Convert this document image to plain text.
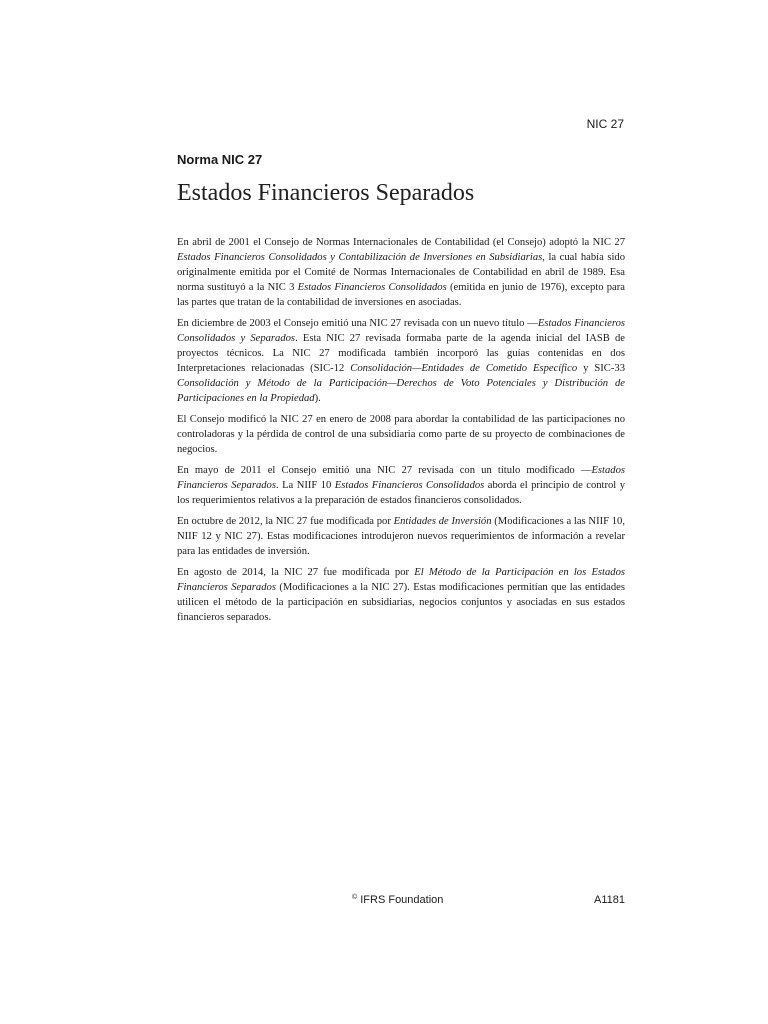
NIC 27
Norma NIC 27
Estados Financieros Separados

En abril de 2001 el Consejo de Normas Internacionales de Contabilidad (el Consejo) adoptó la NIC 27 Estados Financieros Consolidados y Contabilización de Inversiones en Subsidiarias, la cual había sido originalmente emitida por el Comité de Normas Internacionales de Contabilidad en abril de 1989. Esa norma sustituyó a la NIC 3 Estados Financieros Consolidados (emitida en junio de 1976), excepto para las partes que tratan de la contabilidad de inversiones en asociadas.

En diciembre de 2003 el Consejo emitió una NIC 27 revisada con un nuevo título —Estados Financieros Consolidados y Separados. Esta NIC 27 revisada formaba parte de la agenda inicial del IASB de proyectos técnicos. La NIC 27 modificada también incorporó las guías contenidas en dos Interpretaciones relacionadas (SIC-12 Consolidación—Entidades de Cometido Específico y SIC-33 Consolidación y Método de la Participación—Derechos de Voto Potenciales y Distribución de Participaciones en la Propiedad).

El Consejo modificó la NIC 27 en enero de 2008 para abordar la contabilidad de las participaciones no controladoras y la pérdida de control de una subsidiaria como parte de su proyecto de combinaciones de negocios.

En mayo de 2011 el Consejo emitió una NIC 27 revisada con un título modificado —Estados Financieros Separados. La NIIF 10 Estados Financieros Consolidados aborda el principio de control y los requerimientos relativos a la preparación de estados financieros consolidados.

En octubre de 2012, la NIC 27 fue modificada por Entidades de Inversión (Modificaciones a las NIIF 10, NIIF 12 y NIC 27). Estas modificaciones introdujeron nuevos requerimientos de información a revelar para las entidades de inversión.

En agosto de 2014, la NIC 27 fue modificada por El Método de la Participación en los Estados Financieros Separados (Modificaciones a la NIC 27). Estas modificaciones permitían que las entidades utilicen el método de la participación en subsidiarias, negocios conjuntos y asociadas en sus estados financieros separados.

© IFRS Foundation	A1181
